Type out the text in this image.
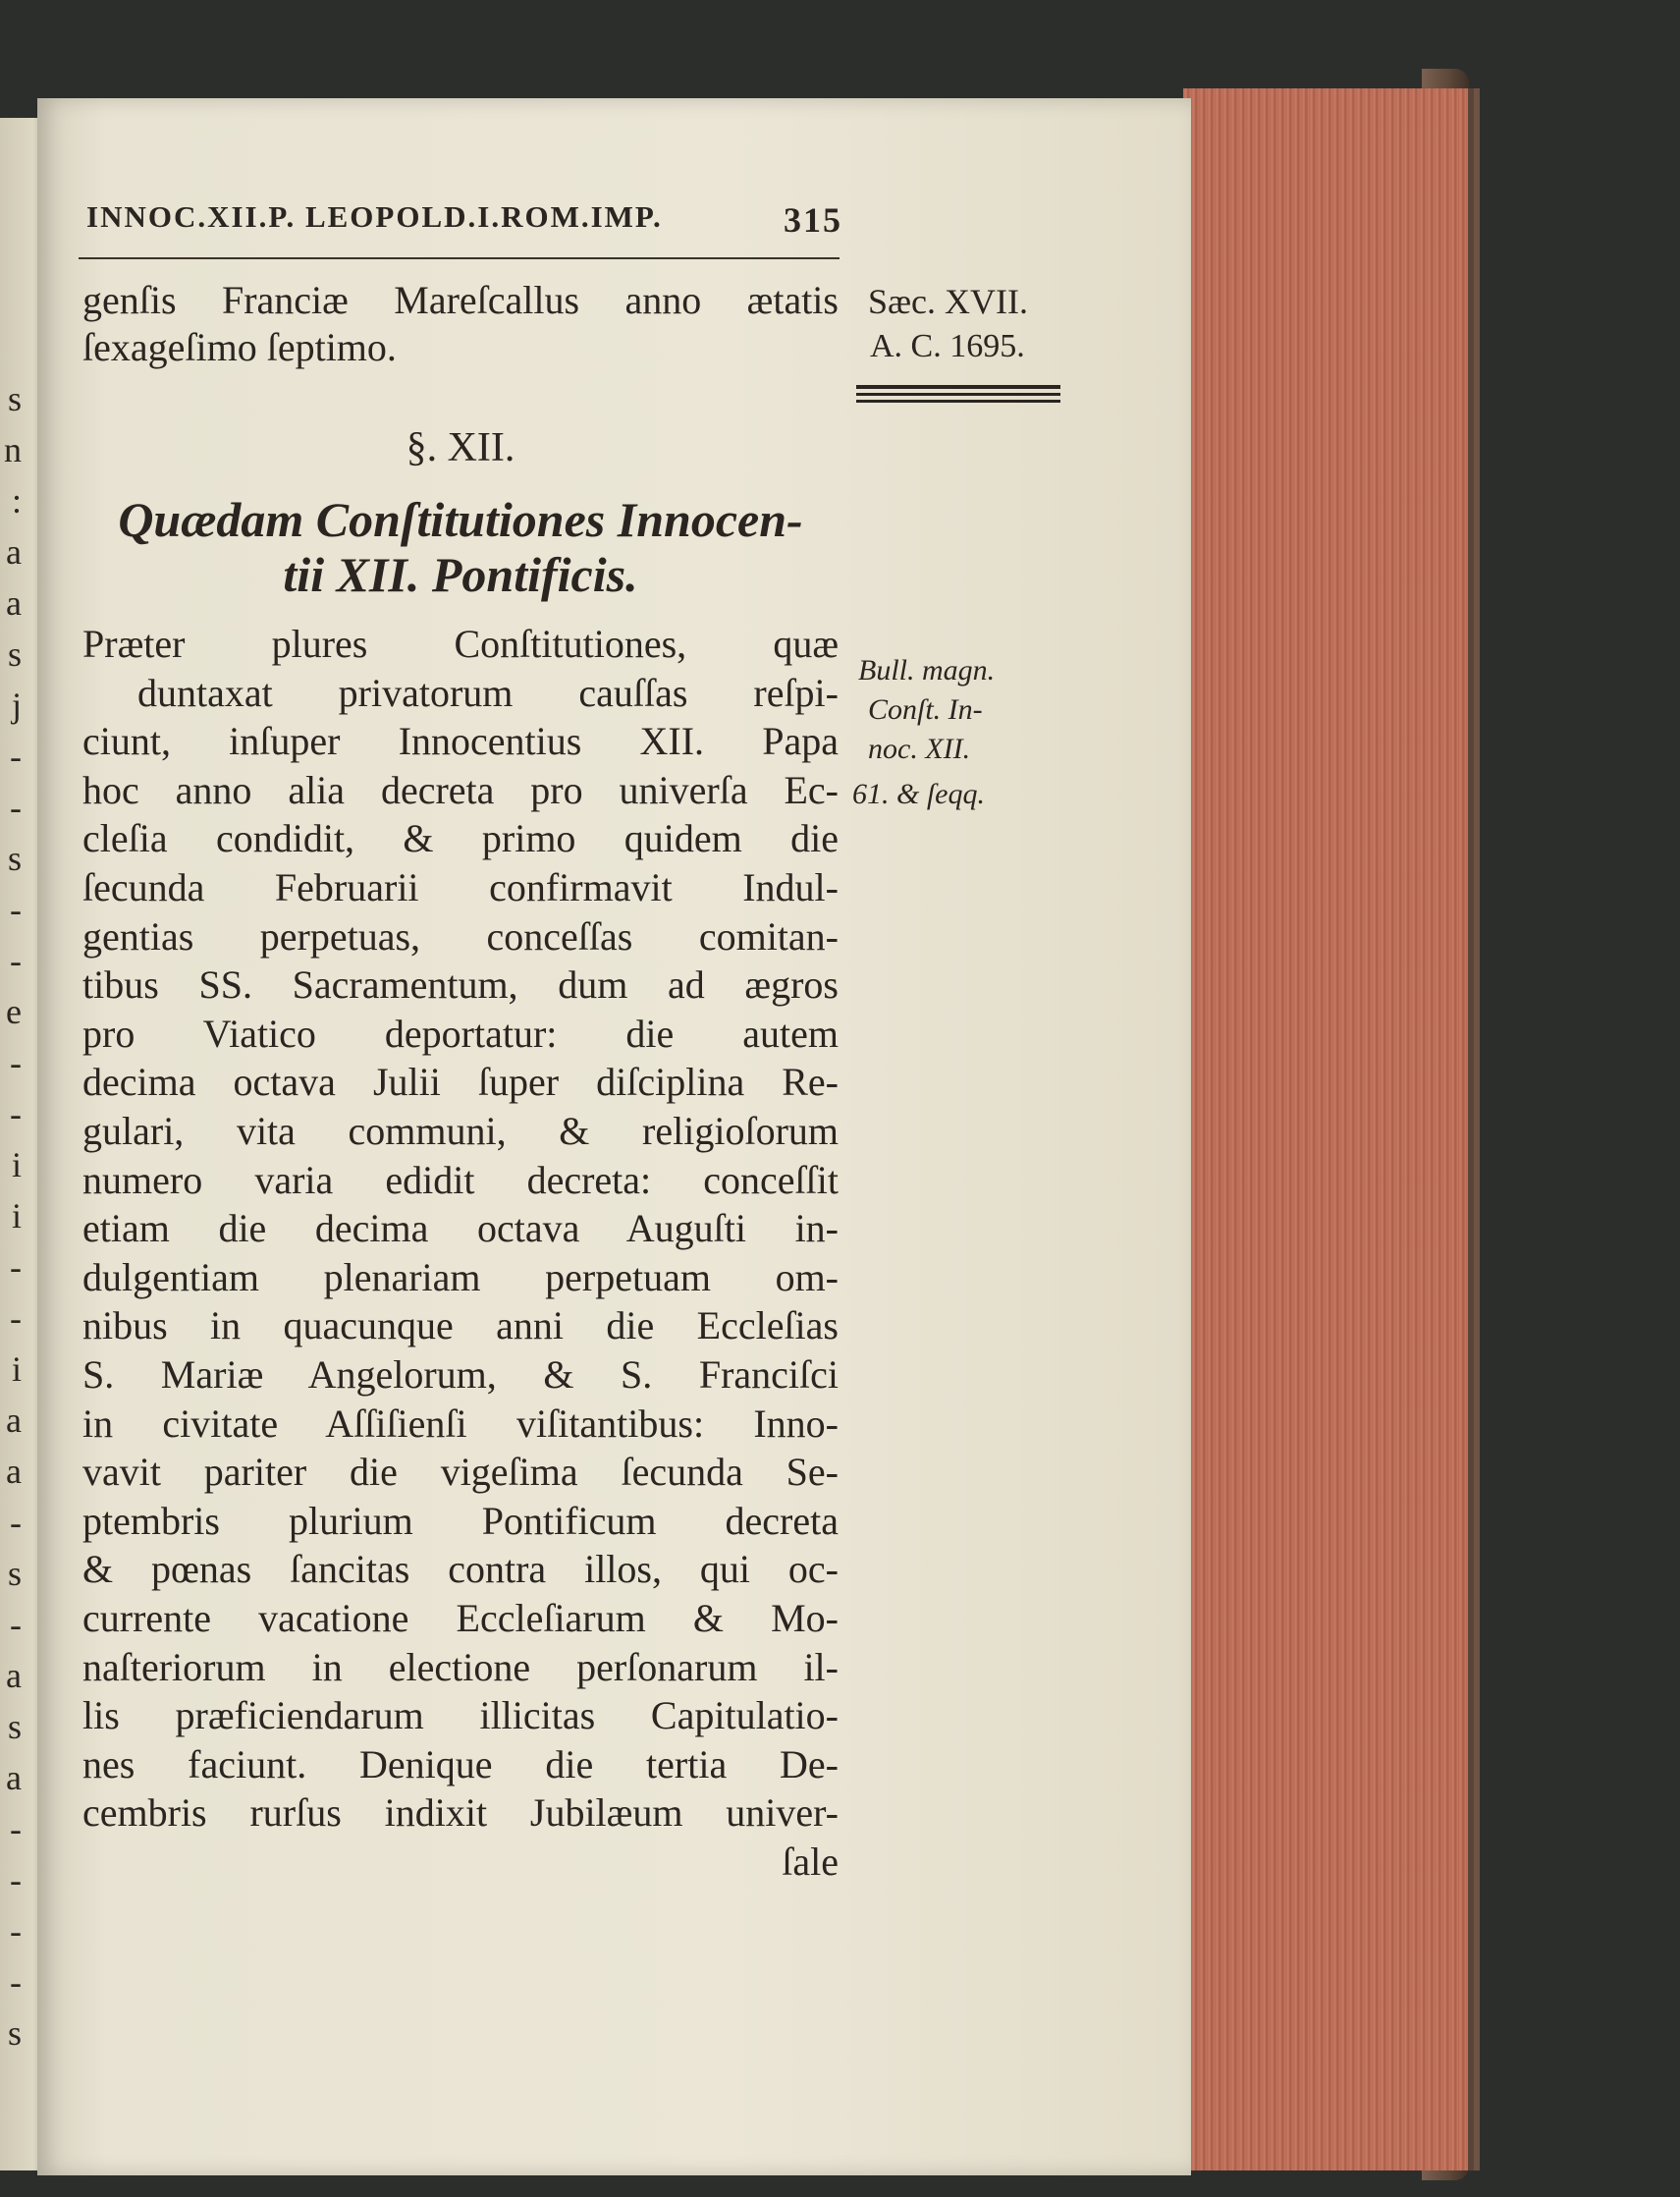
s
n
:
a
a
s
j
-
-
s
-
-
e
-
-
i
i
-
-
i
a
a
-
s
-
a
s
a
-
-
-
-
s
INNOC.XII.P. LEOPOLD.I.ROM.IMP.	315
genſis Franciæ Mareſcallus anno ætatis
ſexageſimo ſeptimo.
Sæc. XVII.
A. C. 1695.
§. XII.
Quædam Conſtitutiones Innocen-
tii XII. Pontificis.
Præter plures Conſtitutiones, quæ
duntaxat privatorum cauſſas reſpi-
ciunt, inſuper Innocentius XII. Papa
hoc anno alia decreta pro univerſa Ec-
cleſia condidit, & primo quidem die
ſecunda Februarii confirmavit Indul-
gentias perpetuas, conceſſas comitan-
tibus SS. Sacramentum, dum ad ægros
pro Viatico deportatur: die autem
decima octava Julii ſuper diſciplina Re-
gulari, vita communi, & religioſorum
numero varia edidit decreta: conceſſit
etiam die decima octava Auguſti in-
dulgentiam plenariam perpetuam om-
nibus in quacunque anni die Eccleſias
S. Mariæ Angelorum, & S. Franciſci
in civitate Aſſiſienſi viſitantibus: Inno-
vavit pariter die vigeſima ſecunda Se-
ptembris plurium Pontificum decreta
& pœnas ſancitas contra illos, qui oc-
currente vacatione Eccleſiarum & Mo-
naſteriorum in electione perſonarum il-
lis præficiendarum illicitas Capitulatio-
nes faciunt. Denique die tertia De-
cembris rurſus indixit Jubilæum univer-
ſale
Bull. magn.
Conſt. In-
noc. XII.
61. & ſeqq.
